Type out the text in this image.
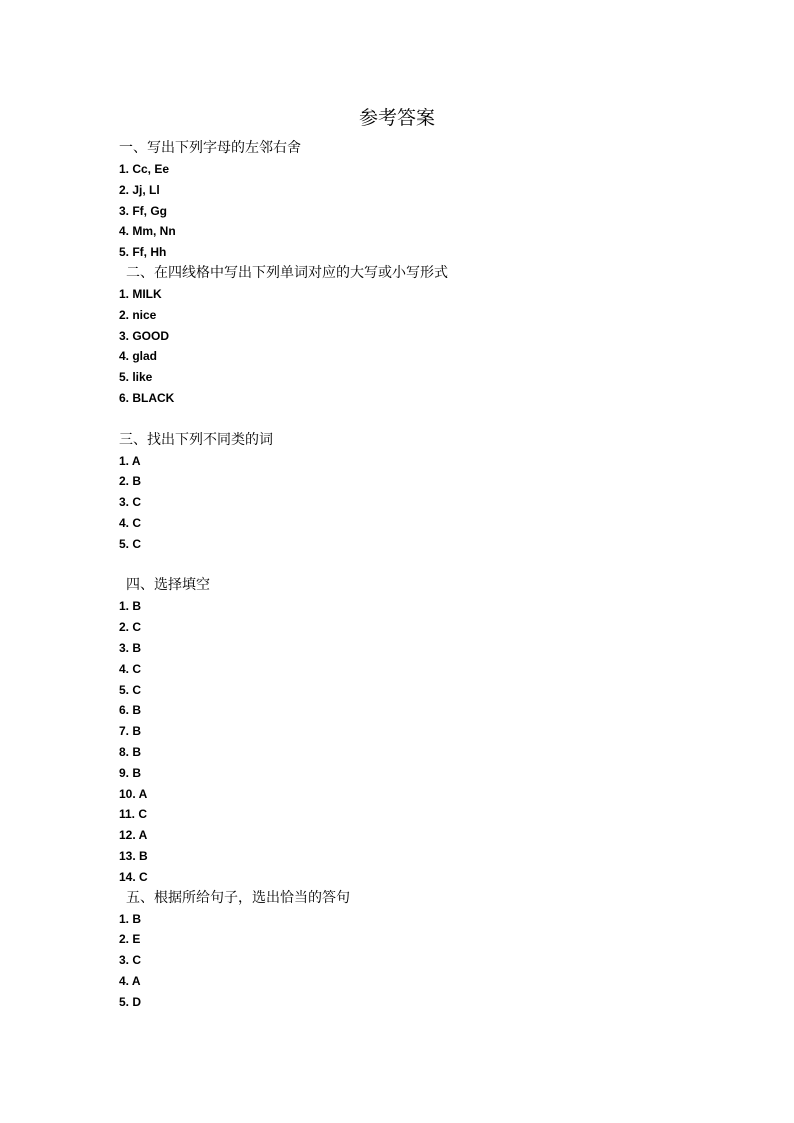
参考答案
一、写出下列字母的左邻右舍
1. Cc, Ee
2. Jj, Ll
3. Ff, Gg
4. Mm, Nn
5. Ff, Hh
二、在四线格中写出下列单词对应的大写或小写形式
1. MILK
2. nice
3. GOOD
4. glad
5. like
6. BLACK
三、找出下列不同类的词
1. A
2. B
3. C
4. C
5. C
四、选择填空
1. B
2. C
3. B
4. C
5. C
6. B
7. B
8. B
9. B
10. A
11. C
12. A
13. B
14. C
五、根据所给句子，选出恰当的答句
1. B
2. E
3. C
4. A
5. D
